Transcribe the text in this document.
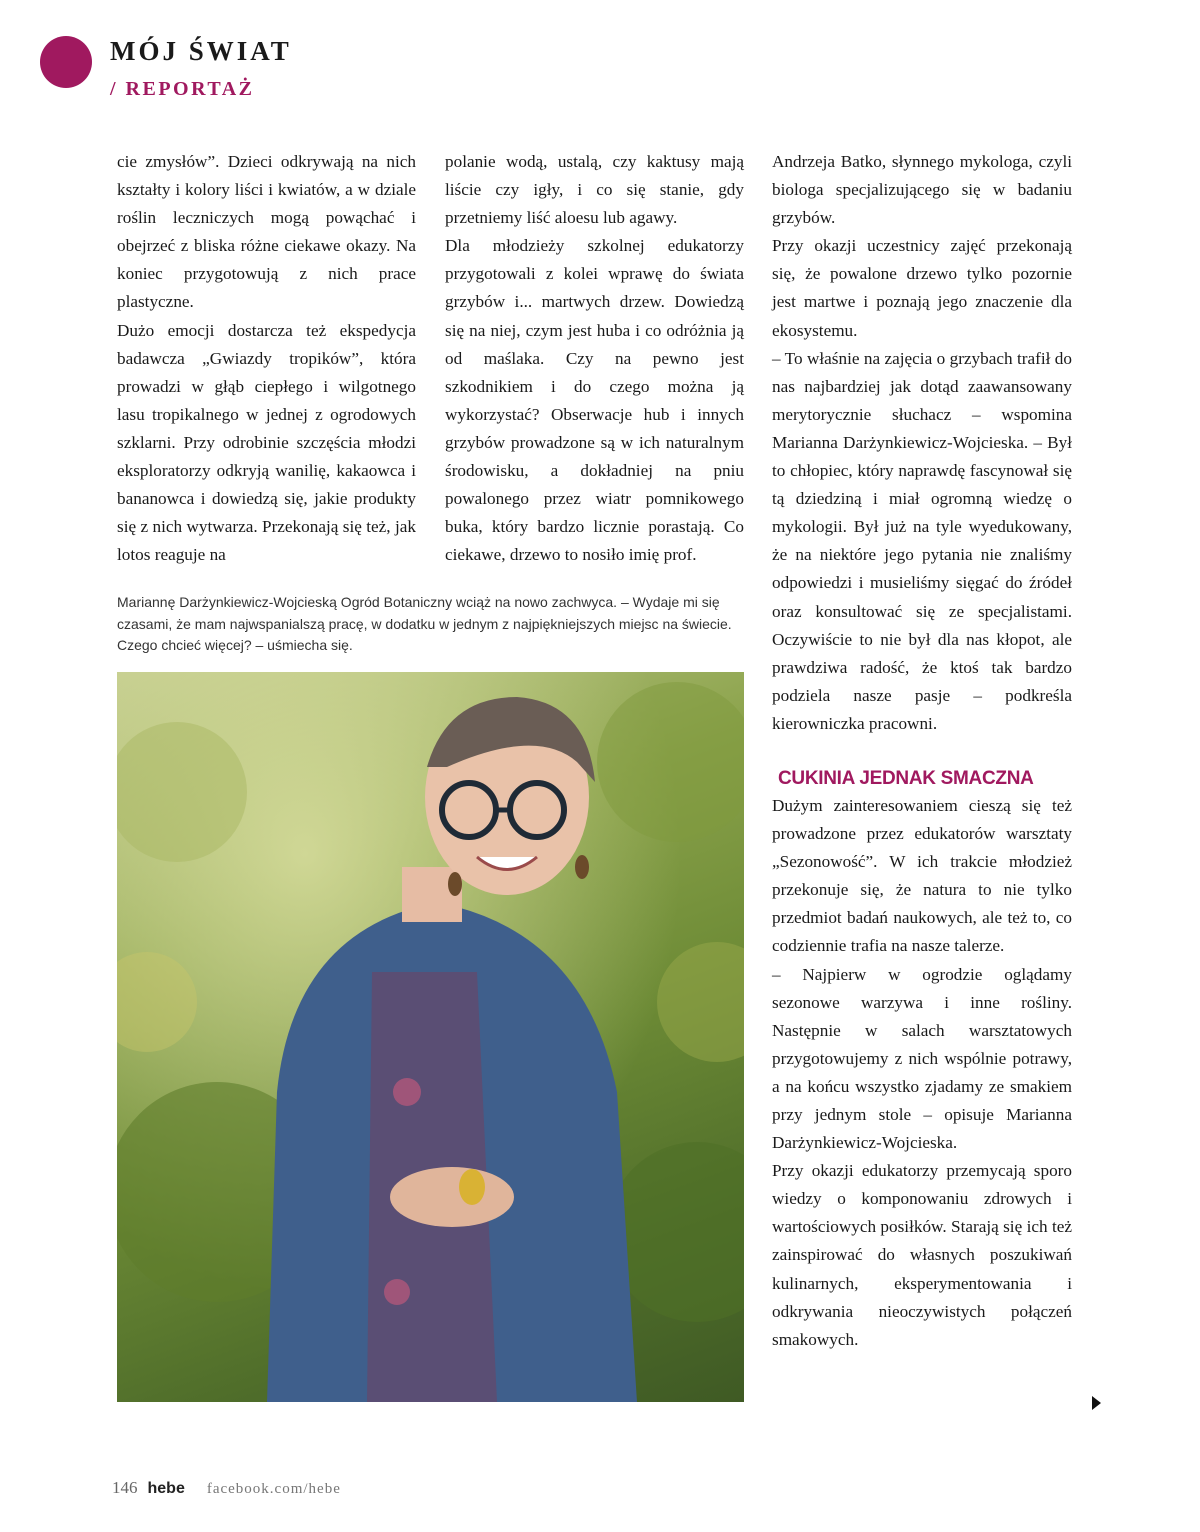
MÓJ ŚWIAT
/ REPORTAŻ

cie zmysłów”. Dzieci odkrywają na nich kształty i kolory liści i kwiatów, a w dziale roślin leczniczych mogą powąchać i obejrzeć z bliska różne ciekawe okazy. Na koniec przygotowują z nich prace plastyczne.

Dużo emocji dostarcza też ekspedycja badawcza „Gwiazdy tropików”, która prowadzi w głąb ciepłego i wilgotnego lasu tropikalnego w jednej z ogrodowych szklarni. Przy odrobinie szczęścia młodzi eksploratorzy odkryją wanilię, kakaowca i bananowca i dowiedzą się, jakie produkty się z nich wytwarza. Przekonają się też, jak lotos reaguje na

polanie wodą, ustalą, czy kaktusy mają liście czy igły, i co się stanie, gdy przetniemy liść aloesu lub agawy.

Dla młodzieży szkolnej edukatorzy przygotowali z kolei wprawę do świata grzybów i... martwych drzew. Dowiedzą się na niej, czym jest huba i co odróżnia ją od maślaka. Czy na pewno jest szkodnikiem i do czego można ją wykorzystać? Obserwacje hub i innych grzybów prowadzone są w ich naturalnym środowisku, a dokładniej na pniu powalonego przez wiatr pomnikowego buka, który bardzo licznie porastają. Co ciekawe, drzewo to nosiło imię prof.

Andrzeja Batko, słynnego mykologa, czyli biologa specjalizującego się w badaniu grzybów.

Przy okazji uczestnicy zajęć przekonają się, że powalone drzewo tylko pozornie jest martwe i poznają jego znaczenie dla ekosystemu.

– To właśnie na zajęcia o grzybach trafił do nas najbardziej jak dotąd zaawansowany merytorycznie słuchacz – wspomina Marianna Darżynkiewicz-Wojcieska. – Był to chłopiec, który naprawdę fascynował się tą dziedziną i miał ogromną wiedzę o mykologii. Był już na tyle wyedukowany, że na niektóre jego pytania nie znaliśmy odpowiedzi i musieliśmy sięgać do źródeł oraz konsultować się ze specjalistami. Oczywiście to nie był dla nas kłopot, ale prawdziwa radość, że ktoś tak bardzo podziela nasze pasje – podkreśla kierowniczka pracowni.

CUKINIA JEDNAK SMACZNA

Dużym zainteresowaniem cieszą się też prowadzone przez edukatorów warsztaty „Sezonowość”. W ich trakcie młodzież przekonuje się, że natura to nie tylko przedmiot badań naukowych, ale też to, co codziennie trafia na nasze talerze.

– Najpierw w ogrodzie oglądamy sezonowe warzywa i inne rośliny. Następnie w salach warsztatowych przygotowujemy z nich wspólnie potrawy, a na końcu wszystko zjadamy ze smakiem przy jednym stole – opisuje Marianna Darżynkiewicz-Wojcieska.

Przy okazji edukatorzy przemycają sporo wiedzy o komponowaniu zdrowych i wartościowych posiłków. Starają się ich też zainspirować do własnych poszukiwań kulinarnych, eksperymentowania i odkrywania nieoczywistych połączeń smakowych.

Mariannę Darżynkiewicz-Wojcieską Ogród Botaniczny wciąż na nowo zachwyca. – Wydaje mi się czasami, że mam najwspanialszą pracę, w dodatku w jednym z najpiękniejszych miejsc na świecie. Czego chcieć więcej? – uśmiecha się.
146 hebe facebook.com/hebe
